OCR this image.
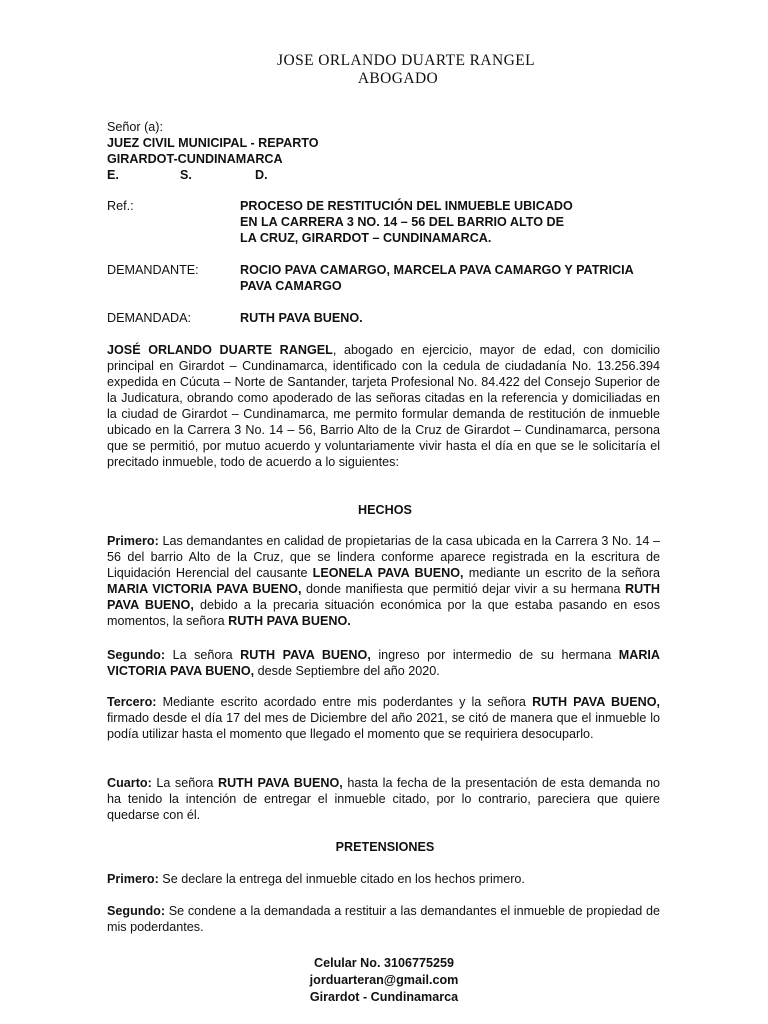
JOSE ORLANDO DUARTE RANGEL
ABOGADO
Señor (a):
JUEZ CIVIL MUNICIPAL - REPARTO
GIRARDOT-CUNDINAMARCA
E.	S.	D.
Ref.:	PROCESO DE RESTITUCIÓN DEL INMUEBLE UBICADO
EN LA CARRERA 3 NO. 14 – 56 DEL BARRIO ALTO DE
LA CRUZ, GIRARDOT – CUNDINAMARCA.
DEMANDANTE:	ROCIO PAVA CAMARGO, MARCELA PAVA CAMARGO Y PATRICIA
PAVA CAMARGO
DEMANDADA:	RUTH PAVA BUENO.
JOSÉ ORLANDO DUARTE RANGEL, abogado en ejercicio, mayor de edad, con domicilio principal en Girardot – Cundinamarca, identificado con la cedula de ciudadanía No. 13.256.394 expedida en Cúcuta – Norte de Santander, tarjeta Profesional No. 84.422 del Consejo Superior de la Judicatura, obrando como apoderado de las señoras citadas en la referencia y domiciliadas en la ciudad de Girardot – Cundinamarca, me permito formular demanda de restitución de inmueble ubicado en la Carrera 3 No. 14 – 56, Barrio Alto de la Cruz de Girardot – Cundinamarca, persona que se permitió, por mutuo acuerdo y voluntariamente vivir hasta el día en que se le solicitaría el precitado inmueble, todo de acuerdo a lo siguientes:
HECHOS
Primero: Las demandantes en calidad de propietarias de la casa ubicada en la Carrera 3 No. 14 – 56 del barrio Alto de la Cruz, que se lindera conforme aparece registrada en la escritura de Liquidación Herencial del causante LEONELA PAVA BUENO, mediante un escrito de la señora MARIA VICTORIA PAVA BUENO, donde manifiesta que permitió dejar vivir a su hermana RUTH PAVA BUENO, debido a la precaria situación económica por la que estaba pasando en esos momentos, la señora RUTH PAVA BUENO.
Segundo: La señora RUTH PAVA BUENO, ingreso por intermedio de su hermana MARIA VICTORIA PAVA BUENO, desde Septiembre del año 2020.
Tercero: Mediante escrito acordado entre mis poderdantes y la señora RUTH PAVA BUENO, firmado desde el día 17 del mes de Diciembre del año 2021, se citó de manera que el inmueble lo podía utilizar hasta el momento que llegado el momento que se requiriera desocuparlo.
Cuarto: La señora RUTH PAVA BUENO, hasta la fecha de la presentación de esta demanda no ha tenido la intención de entregar el inmueble citado, por lo contrario, pareciera que quiere quedarse con él.
PRETENSIONES
Primero: Se declare la entrega del inmueble citado en los hechos primero.
Segundo: Se condene a la demandada a restituir a las demandantes el inmueble de propiedad de mis poderdantes.
Celular No. 3106775259
jorduarteran@gmail.com
Girardot - Cundinamarca
